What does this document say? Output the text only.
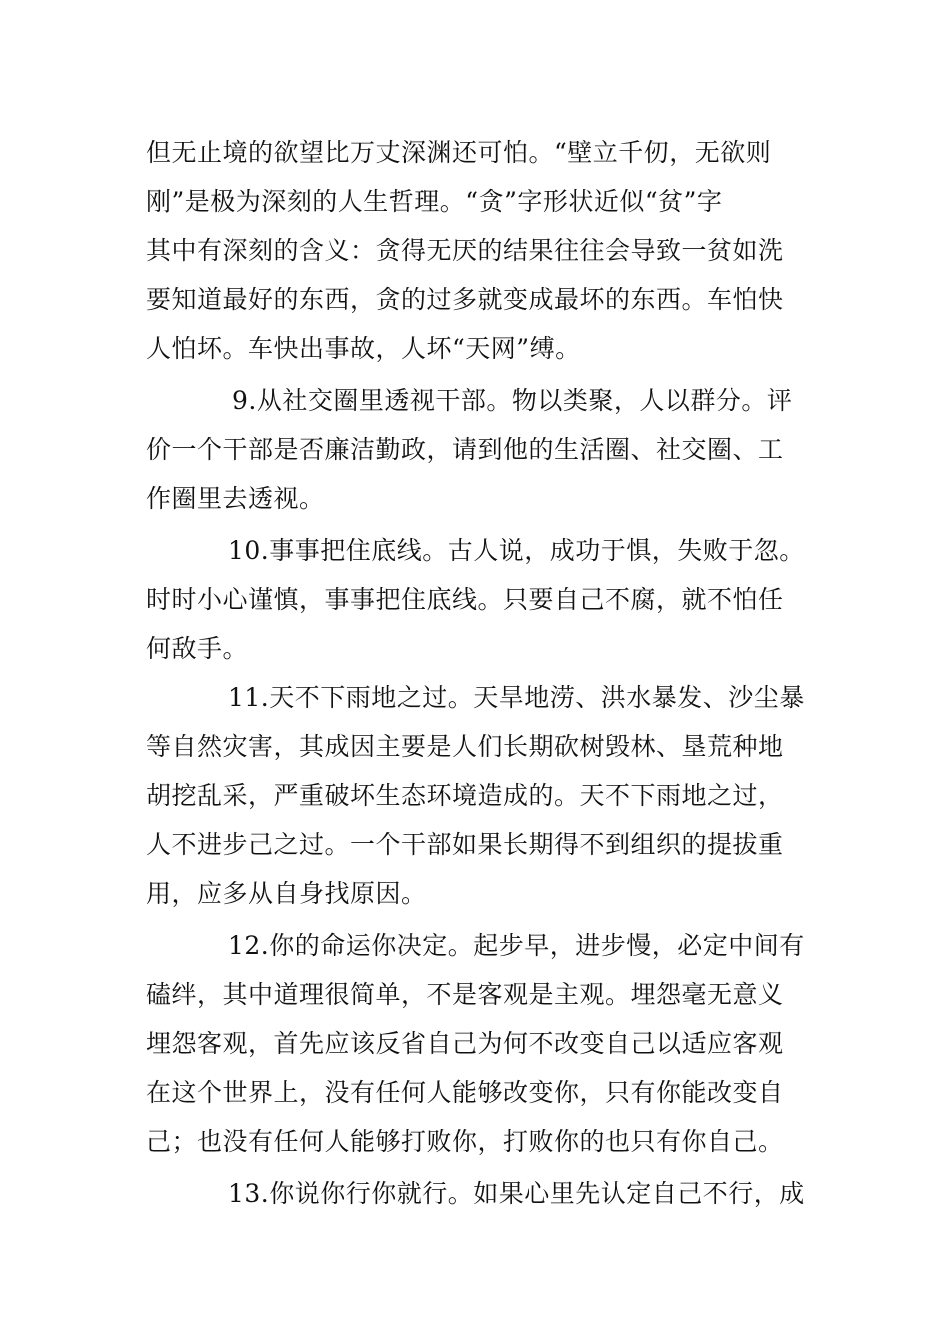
但无止境的欲望比万丈深渊还可怕。“壁立千仞，无欲则
刚”是极为深刻的人生哲理。“贪”字形状近似“贫”字
其中有深刻的含义：贪得无厌的结果往往会导致一贫如洗
要知道最好的东西，贪的过多就变成最坏的东西。车怕快
人怕坏。车快出事故，人坏“天网”缚。
9.从社交圈里透视干部。物以类聚，人以群分。评
价一个干部是否廉洁勤政，请到他的生活圈、社交圈、工
作圈里去透视。
10.事事把住底线。古人说，成功于惧，失败于忽。
时时小心谨慎，事事把住底线。只要自己不腐，就不怕任
何敌手。
11.天不下雨地之过。天旱地涝、洪水暴发、沙尘暴
等自然灾害，其成因主要是人们长期砍树毁林、垦荒种地
胡挖乱采，严重破坏生态环境造成的。天不下雨地之过，
人不进步己之过。一个干部如果长期得不到组织的提拔重
用，应多从自身找原因。
12.你的命运你决定。起步早，进步慢，必定中间有
磕绊，其中道理很简单，不是客观是主观。埋怨毫无意义
埋怨客观，首先应该反省自己为何不改变自己以适应客观
在这个世界上，没有任何人能够改变你，只有你能改变自
己；也没有任何人能够打败你，打败你的也只有你自己。
13.你说你行你就行。如果心里先认定自己不行，成
